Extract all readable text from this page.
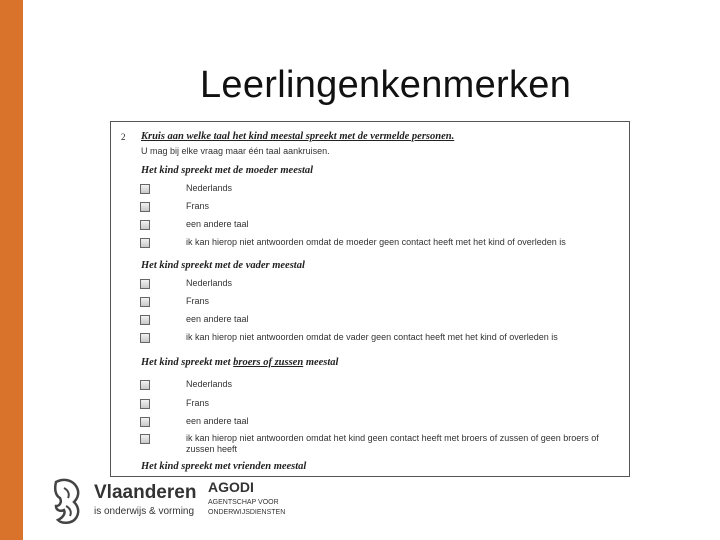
Leerlingenkenmerken
2 Kruis aan welke taal het kind meestal spreekt met de vermelde personen.
U mag bij elke vraag maar één taal aankruisen.
Het kind spreekt met de moeder meestal
Nederlands
Frans
een andere taal
ik kan hierop niet antwoorden omdat de moeder geen contact heeft met het kind of overleden is
Het kind spreekt met de vader meestal
Nederlands
Frans
een andere taal
ik kan hierop niet antwoorden omdat de vader geen contact heeft met het kind of overleden is
Het kind spreekt met broers of zussen meestal
Nederlands
Frans
een andere taal
ik kan hierop niet antwoorden omdat het kind geen contact heeft met broers of zussen of geen broers of zussen heeft
Het kind spreekt met vrienden meestal
Vlaanderen
is onderwijs & vorming
AGODI
AGENTSCHAP VOOR ONDERWIJSDIENSTEN
